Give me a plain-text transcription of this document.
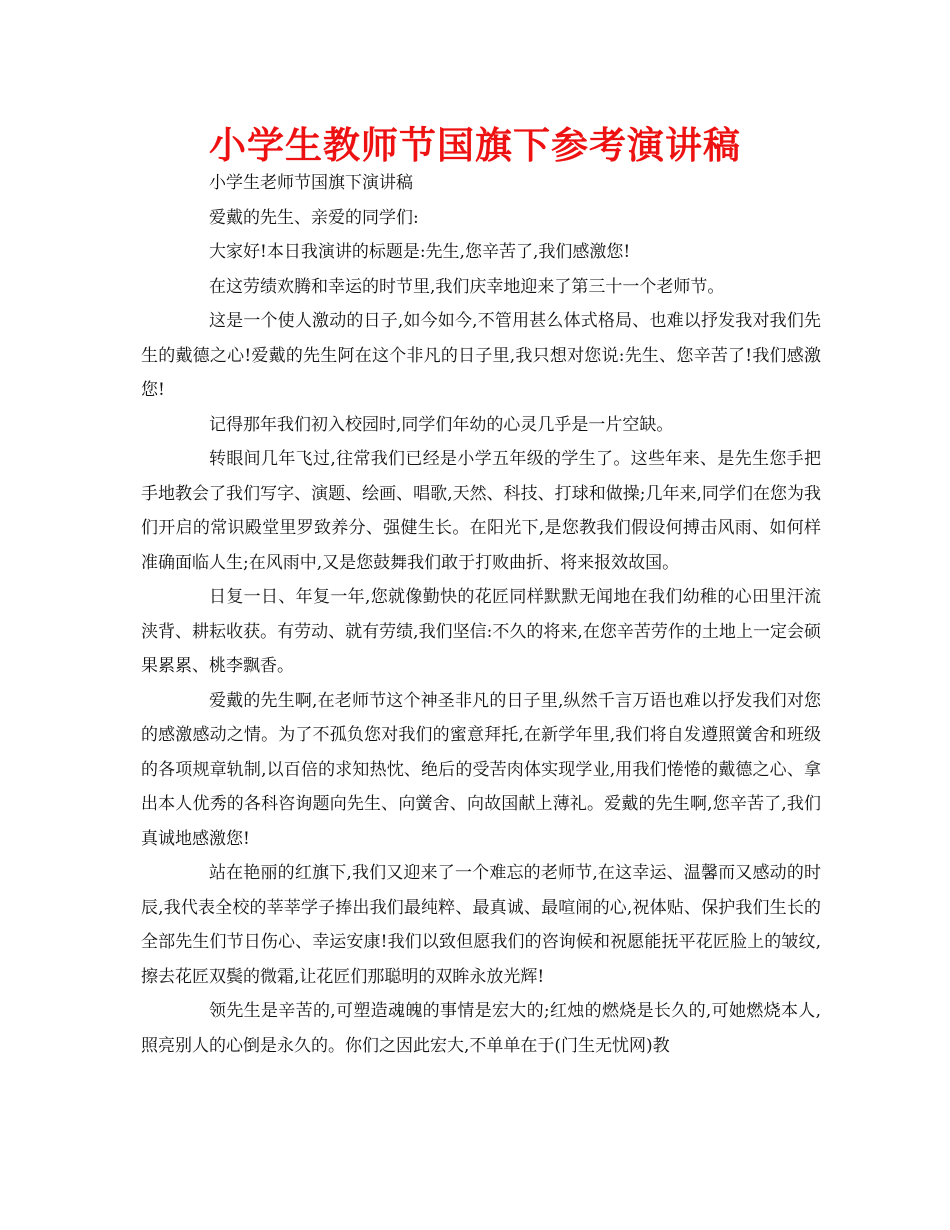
小学生教师节国旗下参考演讲稿

小学生老师节国旗下演讲稿

爱戴的先生、亲爱的同学们:

大家好!本日我演讲的标题是:先生,您辛苦了,我们感激您!

在这劳绩欢腾和幸运的时节里,我们庆幸地迎来了第三十一个老师节。

这是一个使人激动的日子,如今如今,不管用甚么体式格局、也难以抒发我对我们先生的戴德之心!爱戴的先生阿在这个非凡的日子里,我只想对您说:先生、您辛苦了!我们感激您!

记得那年我们初入校园时,同学们年幼的心灵几乎是一片空缺。

转眼间几年飞过,往常我们已经是小学五年级的学生了。这些年来、是先生您手把手地教会了我们写字、演题、绘画、唱歌,天然、科技、打球和做操;几年来,同学们在您为我们开启的常识殿堂里罗致养分、强健生长。在阳光下,是您教我们假设何搏击风雨、如何样准确面临人生;在风雨中,又是您鼓舞我们敢于打败曲折、将来报效故国。

日复一日、年复一年,您就像勤快的花匠同样默默无闻地在我们幼稚的心田里汗流浃背、耕耘收获。有劳动、就有劳绩,我们坚信:不久的将来,在您辛苦劳作的土地上一定会硕果累累、桃李飘香。

爱戴的先生啊,在老师节这个神圣非凡的日子里,纵然千言万语也难以抒发我们对您的感激感动之情。为了不孤负您对我们的蜜意拜托,在新学年里,我们将自发遵照黉舍和班级的各项规章轨制,以百倍的求知热忱、绝后的受苦肉体实现学业,用我们惓惓的戴德之心、拿出本人优秀的各科咨询题向先生、向黉舍、向故国献上薄礼。爱戴的先生啊,您辛苦了,我们真诚地感激您!

站在艳丽的红旗下,我们又迎来了一个难忘的老师节,在这幸运、温馨而又感动的时辰,我代表全校的莘莘学子捧出我们最纯粹、最真诚、最喧闹的心,祝体贴、保护我们生长的全部先生们节日伤心、幸运安康!我们以致但愿我们的咨询候和祝愿能抚平花匠脸上的皱纹,擦去花匠双鬓的微霜,让花匠们那聪明的双眸永放光辉!

领先生是辛苦的,可塑造魂魄的事情是宏大的;红烛的燃烧是长久的,可她燃烧本人,照亮别人的心倒是永久的。你们之因此宏大,不单单在于(门生无忧网)教
